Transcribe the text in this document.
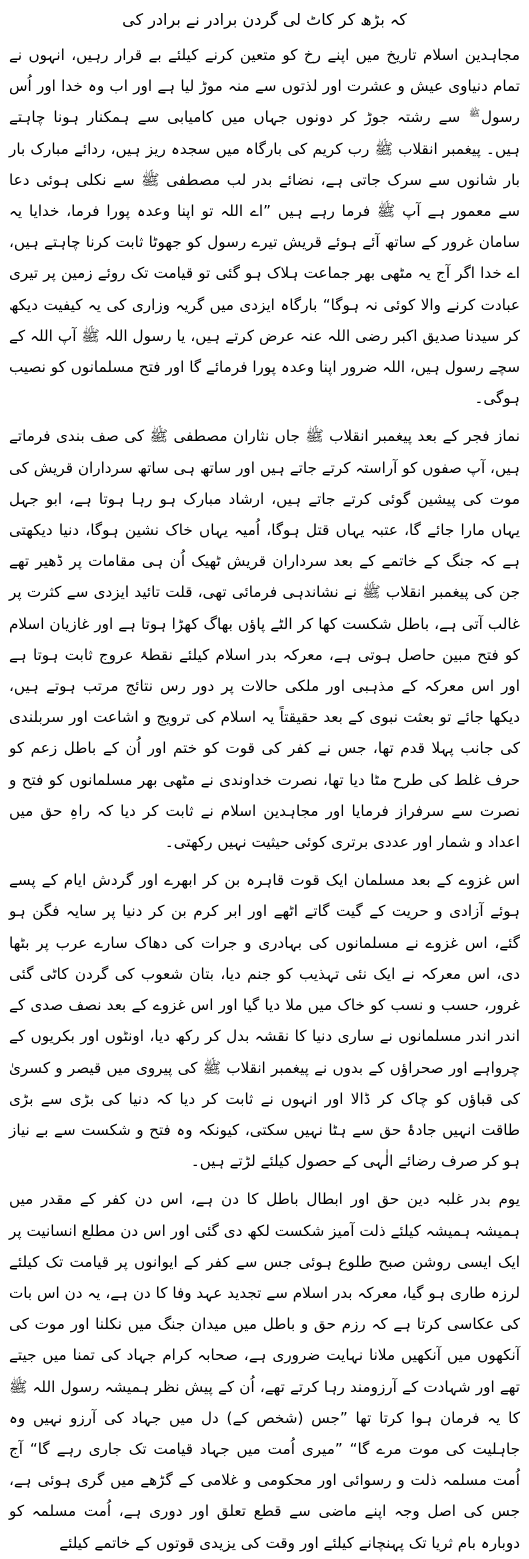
کہ بڑھ کر کاٹ لی گردن برادر نے برادر کی

مجاہدین اسلام تاریخ میں اپنے رخ کو متعین کرنے کیلئے بے قرار رہیں، انہوں نے تمام دنیاوی عیش و عشرت اور لذتوں سے منہ موڑ لیا ہے اور اب وہ خدا اور اُس رسولﷺ سے رشتہ جوڑ کر دونوں جہاں میں کامیابی سے ہمکنار ہونا چاہتے ہیں۔ پیغمبر انقلاب ﷺ رب کریم کی بارگاہ میں سجدہ ریز ہیں، ردائے مبارک بار بار شانوں سے سرک جاتی ہے، نضائے بدر لب مصطفی ﷺ سے نکلی ہوئی دعا سے معمور ہے آپ ﷺ فرما رہے ہیں ”اے اللہ تو اپنا وعدہ پورا فرما، خدایا یہ سامان غرور کے ساتھ آئے ہوئے قریش تیرے رسول کو جھوٹا ثابت کرنا چاہتے ہیں، اے خدا اگر آج یہ مٹھی بھر جماعت ہلاک ہو گئی تو قیامت تک روئے زمین پر تیری عبادت کرنے والا کوئی نہ ہوگا“ بارگاہ ایزدی میں گریہ وزاری کی یہ کیفیت دیکھ کر سیدنا صدیق اکبر رضی اللہ عنہ عرض کرتے ہیں، یا رسول اللہ ﷺ آپ اللہ کے سچے رسول ہیں، اللہ ضرور اپنا وعدہ پورا فرمائے گا اور فتح مسلمانوں کو نصیب ہوگی۔

نماز فجر کے بعد پیغمبر انقلاب ﷺ جاں نثاران مصطفی ﷺ کی صف بندی فرماتے ہیں، آپ صفوں کو آراستہ کرتے جاتے ہیں اور ساتھ ہی ساتھ سرداران قریش کی موت کی پیشین گوئی کرتے جاتے ہیں، ارشاد مبارک ہو رہا ہوتا ہے، ابو جہل یہاں مارا جائے گا، عتبہ یہاں قتل ہوگا، اُمیہ یہاں خاک نشین ہوگا، دنیا دیکھتی ہے کہ جنگ کے خاتمے کے بعد سرداران قریش ٹھیک اُن ہی مقامات پر ڈھیر تھے جن کی پیغمبر انقلاب ﷺ نے نشاندہی فرمائی تھی، قلت تائید ایزدی سے کثرت پر غالب آتی ہے، باطل شکست کھا کر الٹے پاؤں بھاگ کھڑا ہوتا ہے اور غازیان اسلام کو فتح مبین حاصل ہوتی ہے، معرکہ بدر اسلام کیلئے نقطۂ عروج ثابت ہوتا ہے اور اس معرکہ کے مذہبی اور ملکی حالات پر دور رس نتائج مرتب ہوتے ہیں، دیکھا جائے تو بعثت نبوی کے بعد حقیقتاً یہ اسلام کی ترویج و اشاعت اور سربلندی کی جانب پہلا قدم تھا، جس نے کفر کی قوت کو ختم اور اُن کے باطل زعم کو حرف غلط کی طرح مٹا دیا تھا، نصرت خداوندی نے مٹھی بھر مسلمانوں کو فتح و نصرت سے سرفراز فرمایا اور مجاہدین اسلام نے ثابت کر دیا کہ راہِ حق میں اعداد و شمار اور عددی برتری کوئی حیثیت نہیں رکھتی۔

اس غزوے کے بعد مسلمان ایک قوت قاہرہ بن کر ابھرے اور گردش ایام کے پسے ہوئے آزادی و حریت کے گیت گاتے اٹھے اور ابر کرم بن کر دنیا پر سایہ فگن ہو گئے، اس غزوے نے مسلمانوں کی بہادری و جرات کی دھاک سارے عرب پر بٹھا دی، اس معرکہ نے ایک نئی تہذیب کو جنم دیا، بتان شعوب کی گردن کاٹی گئی غرور، حسب و نسب کو خاک میں ملا دیا گیا اور اس غزوے کے بعد نصف صدی کے اندر اندر مسلمانوں نے ساری دنیا کا نقشہ بدل کر رکھ دیا، اونٹوں اور بکریوں کے چرواہے اور صحراؤں کے بدوں نے پیغمبر انقلاب ﷺ کی پیروی میں قیصر و کسریٰ کی قباؤں کو چاک کر ڈالا اور انہوں نے ثابت کر دیا کہ دنیا کی بڑی سے بڑی طاقت انہیں جادۂ حق سے ہٹا نہیں سکتی، کیونکہ وہ فتح و شکست سے بے نیاز ہو کر صرف رضائے الٰہی کے حصول کیلئے لڑتے ہیں۔

یوم بدر غلبہ دین حق اور ابطال باطل کا دن ہے، اس دن کفر کے مقدر میں ہمیشہ ہمیشہ کیلئے ذلت آمیز شکست لکھ دی گئی اور اس دن مطلع انسانیت پر ایک ایسی روشن صبح طلوع ہوئی جس سے کفر کے ایوانوں پر قیامت تک کیلئے لرزہ طاری ہو گیا، معرکہ بدر اسلام سے تجدید عہد وفا کا دن ہے، یہ دن اس بات کی عکاسی کرتا ہے کہ رزم حق و باطل میں میدان جنگ میں نکلنا اور موت کی آنکھوں میں آنکھیں ملانا نہایت ضروری ہے، صحابہ کرام جہاد کی تمنا میں جیتے تھے اور شہادت کے آرزومند رہا کرتے تھے، اُن کے پیش نظر ہمیشہ رسول اللہ ﷺ کا یہ فرمان ہوا کرتا تھا ”جس (شخص کے) دل میں جہاد کی آرزو نہیں وہ جاہلیت کی موت مرے گا“ ”میری اُمت میں جہاد قیامت تک جاری رہے گا“ آج اُمت مسلمہ ذلت و رسوائی اور محکومی و غلامی کے گڑھے میں گری ہوئی ہے، جس کی اصل وجہ اپنے ماضی سے قطع تعلق اور دوری ہے، اُمت مسلمہ کو دوبارہ بام ثریا تک پہنچانے کیلئے اور وقت کی یزیدی قوتوں کے خاتمے کیلئے
